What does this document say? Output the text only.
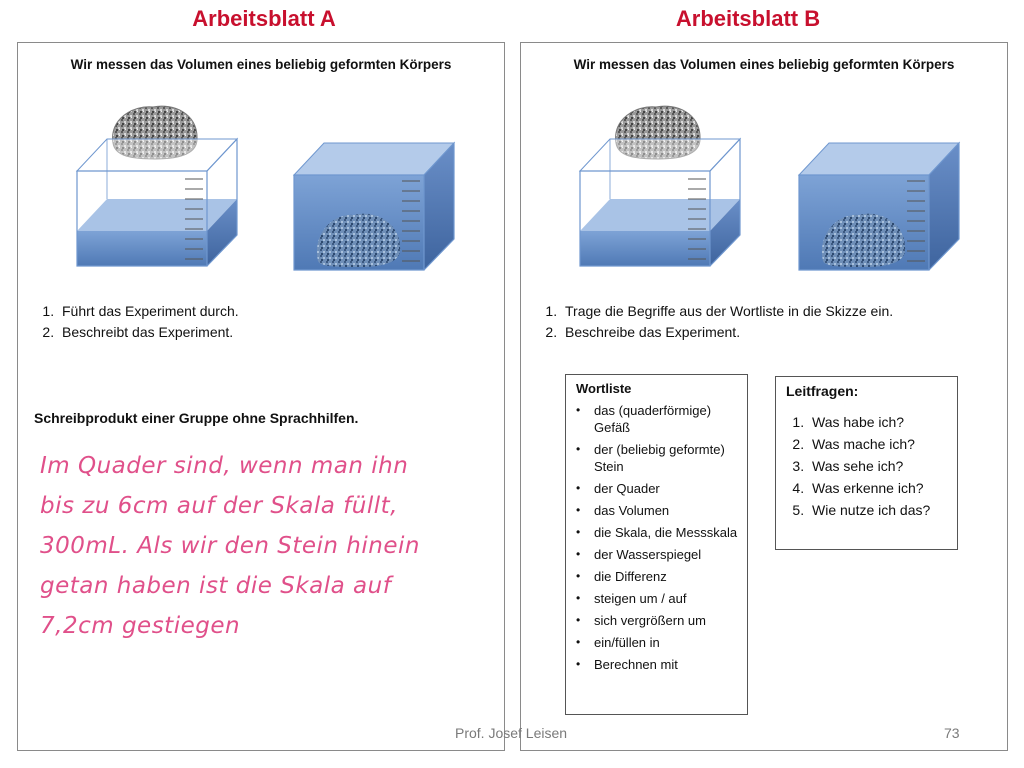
Arbeitsblatt A	Arbeitsblatt B
Wir messen das Volumen eines beliebig geformten Körpers
1. Führt das Experiment durch.
2. Beschreibt das Experiment.
Schreibprodukt einer Gruppe ohne Sprachhilfen.
Im Quader sind, wenn man ihn
bis zu 6cm auf der Skala füllt,
300mL. Als wir den Stein hinein
getan haben ist die Skala auf
7,2cm gestiegen
Wir messen das Volumen eines beliebig geformten Körpers
1. Trage die Begriffe aus der Wortliste in die Skizze ein.
2. Beschreibe das Experiment.
Wortliste
• das (quaderförmige) Gefäß
• der (beliebig geformte) Stein
• der Quader
• das Volumen
• die Skala, die Messskala
• der Wasserspiegel
• die Differenz
• steigen um / auf
• sich vergrößern um
• ein/füllen in
• Berechnen mit
Leitfragen:
1. Was habe ich?
2. Was mache ich?
3. Was sehe ich?
4. Was erkenne ich?
5. Wie nutze ich das?
Prof. Josef Leisen	73
